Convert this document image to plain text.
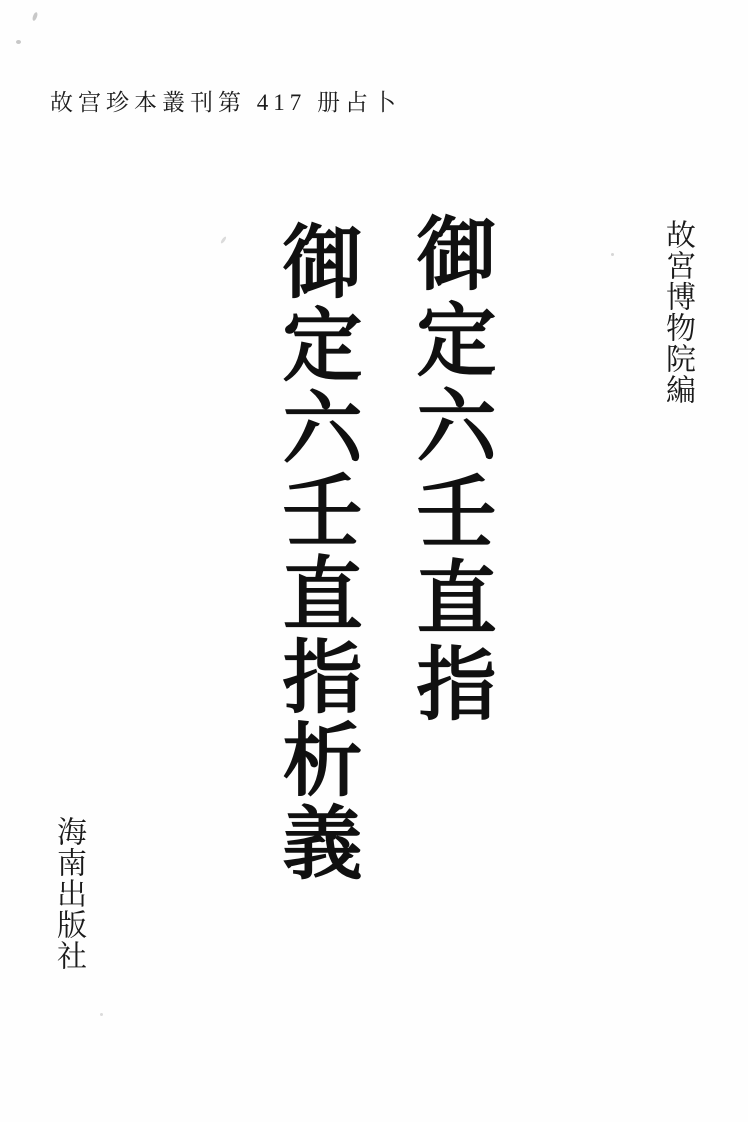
故宫珍本叢刊第 417 册占卜
御定六壬直指
御定六壬直指析義	故宮博物院編
海南出版社
